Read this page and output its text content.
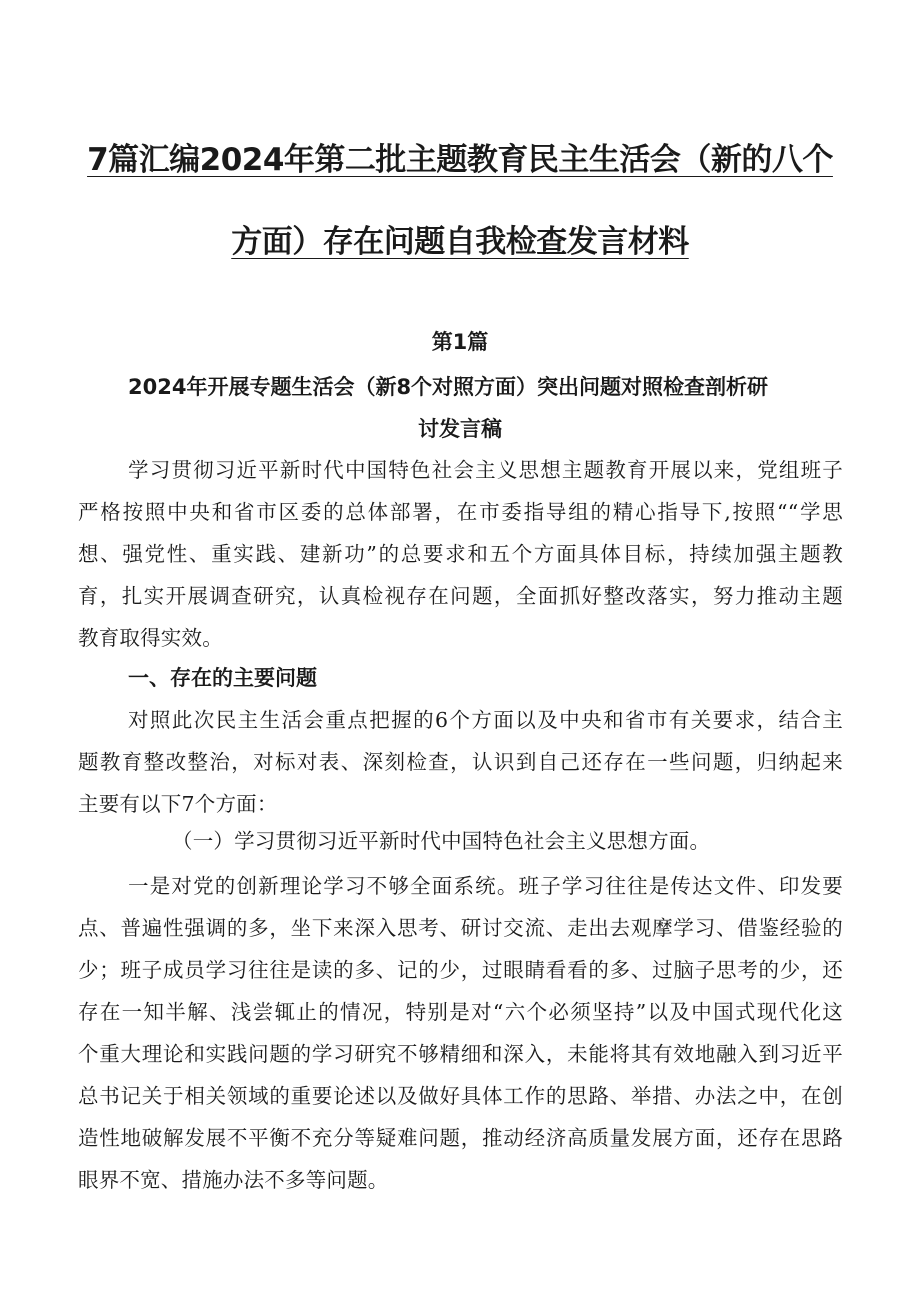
7篇汇编2024年第二批主题教育民主生活会（新的八个
方面）存在问题自我检查发言材料
第1篇
2024年开展专题生活会（新8个对照方面）突出问题对照检查剖析研
讨发言稿
学习贯彻习近平新时代中国特色社会主义思想主题教育开展以来，党组班子
严格按照中央和省市区委的总体部署，在市委指导组的精心指导下,按照““学思
想、强党性、重实践、建新功”的总要求和五个方面具体目标，持续加强主题教
育，扎实开展调查研究，认真检视存在问题，全面抓好整改落实，努力推动主题
教育取得实效。
一、存在的主要问题
对照此次民主生活会重点把握的6个方面以及中央和省市有关要求，结合主
题教育整改整治，对标对表、深刻检查，认识到自己还存在一些问题，归纳起来
主要有以下7个方面：
（一）学习贯彻习近平新时代中国特色社会主义思想方面。
一是对党的创新理论学习不够全面系统。班子学习往往是传达文件、印发要
点、普遍性强调的多，坐下来深入思考、研讨交流、走出去观摩学习、借鉴经验的
少；班子成员学习往往是读的多、记的少，过眼睛看看的多、过脑子思考的少，还
存在一知半解、浅尝辄止的情况，特别是对“六个必须坚持”以及中国式现代化这
个重大理论和实践问题的学习研究不够精细和深入，未能将其有效地融入到习近平
总书记关于相关领域的重要论述以及做好具体工作的思路、举措、办法之中，在创
造性地破解发展不平衡不充分等疑难问题，推动经济高质量发展方面，还存在思路
眼界不宽、措施办法不多等问题。
